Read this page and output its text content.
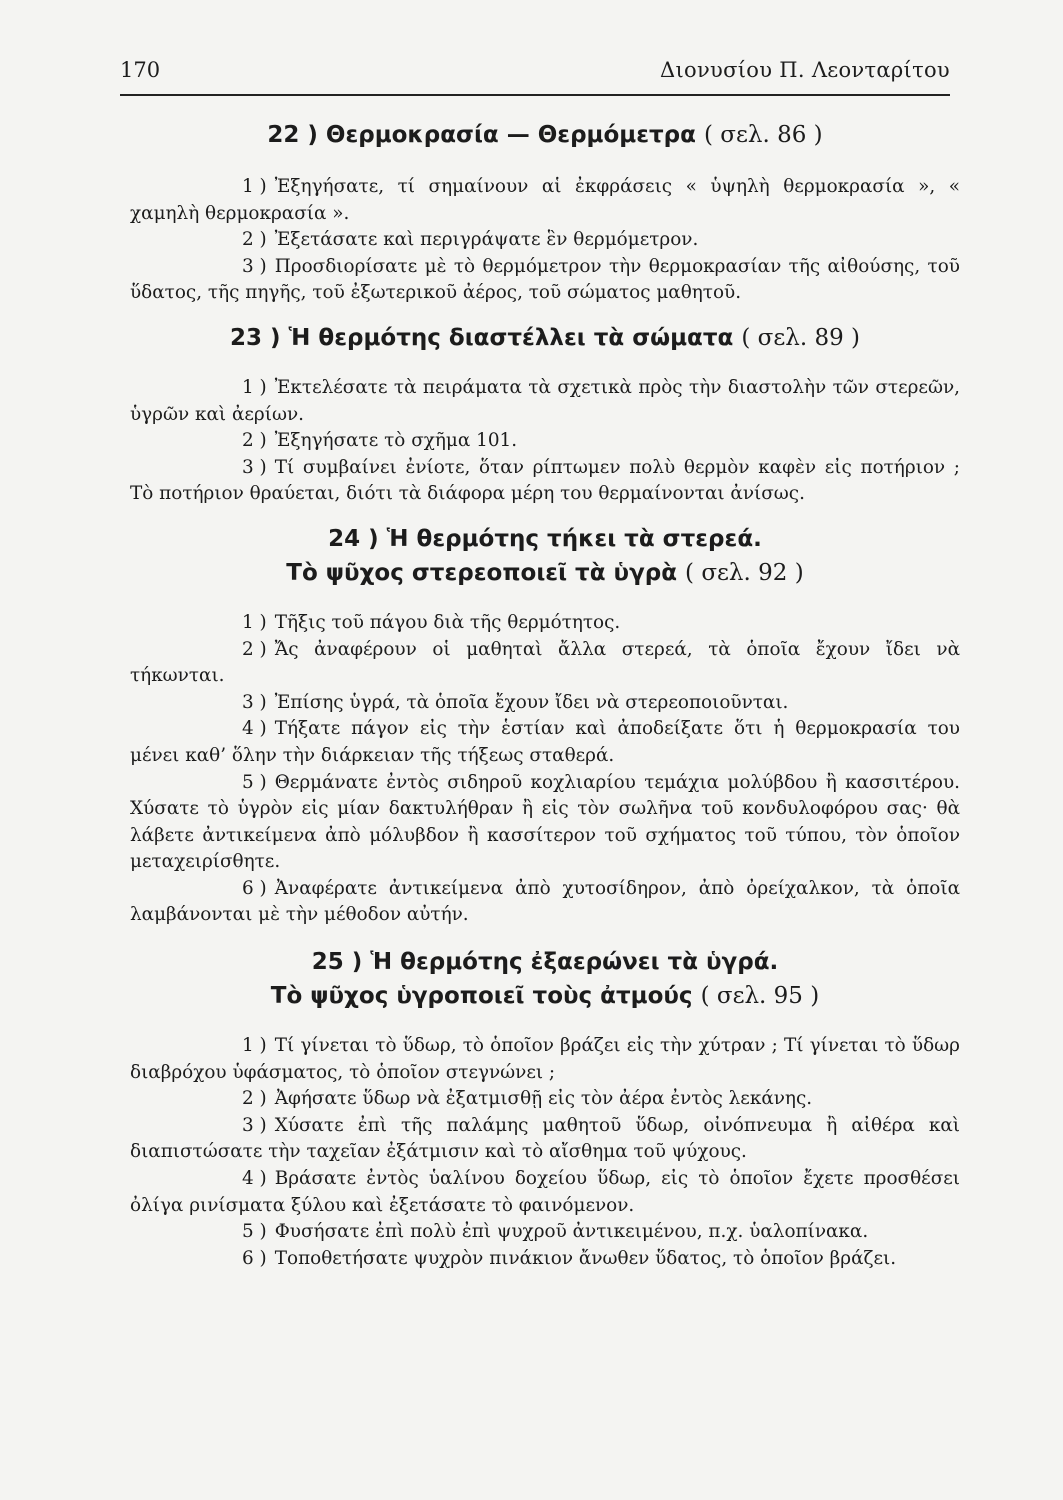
170	Διονυσίου Π. Λεονταρίτου
22 ) Θερμοκρασία — Θερμόμετρα ( σελ. 86 )

1 ) Ἐξηγήσατε, τί σημαίνουν αἱ ἐκφράσεις « ὑψηλὴ θερμοκρασία », « χαμηλὴ θερμοκρασία ».

2 ) Ἐξετάσατε καὶ περιγράψατε ἓν θερμόμετρον.

3 ) Προσδιορίσατε μὲ τὸ θερμόμετρον τὴν θερμοκρασίαν τῆς αἰθούσης, τοῦ ὕδατος, τῆς πηγῆς, τοῦ ἐξωτερικοῦ ἀέρος, τοῦ σώματος μαθητοῦ.

23 ) Ἡ θερμότης διαστέλλει τὰ σώματα ( σελ. 89 )

1 ) Ἐκτελέσατε τὰ πειράματα τὰ σχετικὰ πρὸς τὴν διαστολὴν τῶν στερεῶν, ὑγρῶν καὶ ἀερίων.

2 ) Ἐξηγήσατε τὸ σχῆμα 101.

3 ) Τί συμβαίνει ἐνίοτε, ὅταν ρίπτωμεν πολὺ θερμὸν καφὲν εἰς ποτήριον ; Τὸ ποτήριον θραύεται, διότι τὰ διάφορα μέρη του θερμαίνονται ἀνίσως.

24 ) Ἡ θερμότης τήκει τὰ στερεά.
Τὸ ψῦχος στερεοποιεῖ τὰ ὑγρὰ ( σελ. 92 )

1 ) Τῆξις τοῦ πάγου διὰ τῆς θερμότητος.

2 ) Ἄς ἀναφέρουν οἱ μαθηταὶ ἄλλα στερεά, τὰ ὁποῖα ἔχουν ἴδει νὰ τήκωνται.

3 ) Ἐπίσης ὑγρά, τὰ ὁποῖα ἔχουν ἴδει νὰ στερεοποιοῦνται.

4 ) Τήξατε πάγον εἰς τὴν ἑστίαν καὶ ἀποδείξατε ὅτι ἡ θερμοκρασία του μένει καθ’ ὅλην τὴν διάρκειαν τῆς τήξεως σταθερά.

5 ) Θερμάνατε ἐντὸς σιδηροῦ κοχλιαρίου τεμάχια μολύβδου ἢ κασσιτέρου. Χύσατε τὸ ὑγρὸν εἰς μίαν δακτυλήθραν ἢ εἰς τὸν σωλῆνα τοῦ κονδυλοφόρου σας· θὰ λάβετε ἀντικείμενα ἀπὸ μόλυβδον ἢ κασσίτερον τοῦ σχήματος τοῦ τύπου, τὸν ὁποῖον μεταχειρίσθητε.

6 ) Ἀναφέρατε ἀντικείμενα ἀπὸ χυτοσίδηρον, ἀπὸ ὀρείχαλκον, τὰ ὁποῖα λαμβάνονται μὲ τὴν μέθοδον αὐτήν.

25 ) Ἡ θερμότης ἐξαερώνει τὰ ὑγρά.
Τὸ ψῦχος ὑγροποιεῖ τοὺς ἀτμούς ( σελ. 95 )

1 ) Τί γίνεται τὸ ὕδωρ, τὸ ὁποῖον βράζει εἰς τὴν χύτραν ; Τί γίνεται τὸ ὕδωρ διαβρόχου ὑφάσματος, τὸ ὁποῖον στεγνώνει ;

2 ) Ἀφήσατε ὕδωρ νὰ ἐξατμισθῇ εἰς τὸν ἀέρα ἐντὸς λεκάνης.

3 ) Χύσατε ἐπὶ τῆς παλάμης μαθητοῦ ὕδωρ, οἰνόπνευμα ἢ αἰθέρα καὶ διαπιστώσατε τὴν ταχεῖαν ἐξάτμισιν καὶ τὸ αἴσθημα τοῦ ψύχους.

4 ) Βράσατε ἐντὸς ὑαλίνου δοχείου ὕδωρ, εἰς τὸ ὁποῖον ἔχετε προσθέσει ὀλίγα ρινίσματα ξύλου καὶ ἐξετάσατε τὸ φαινόμενον.

5 ) Φυσήσατε ἐπὶ πολὺ ἐπὶ ψυχροῦ ἀντικειμένου, π.χ. ὑαλοπίνακα.

6 ) Τοποθετήσατε ψυχρὸν πινάκιον ἄνωθεν ὕδατος, τὸ ὁποῖον βράζει.
